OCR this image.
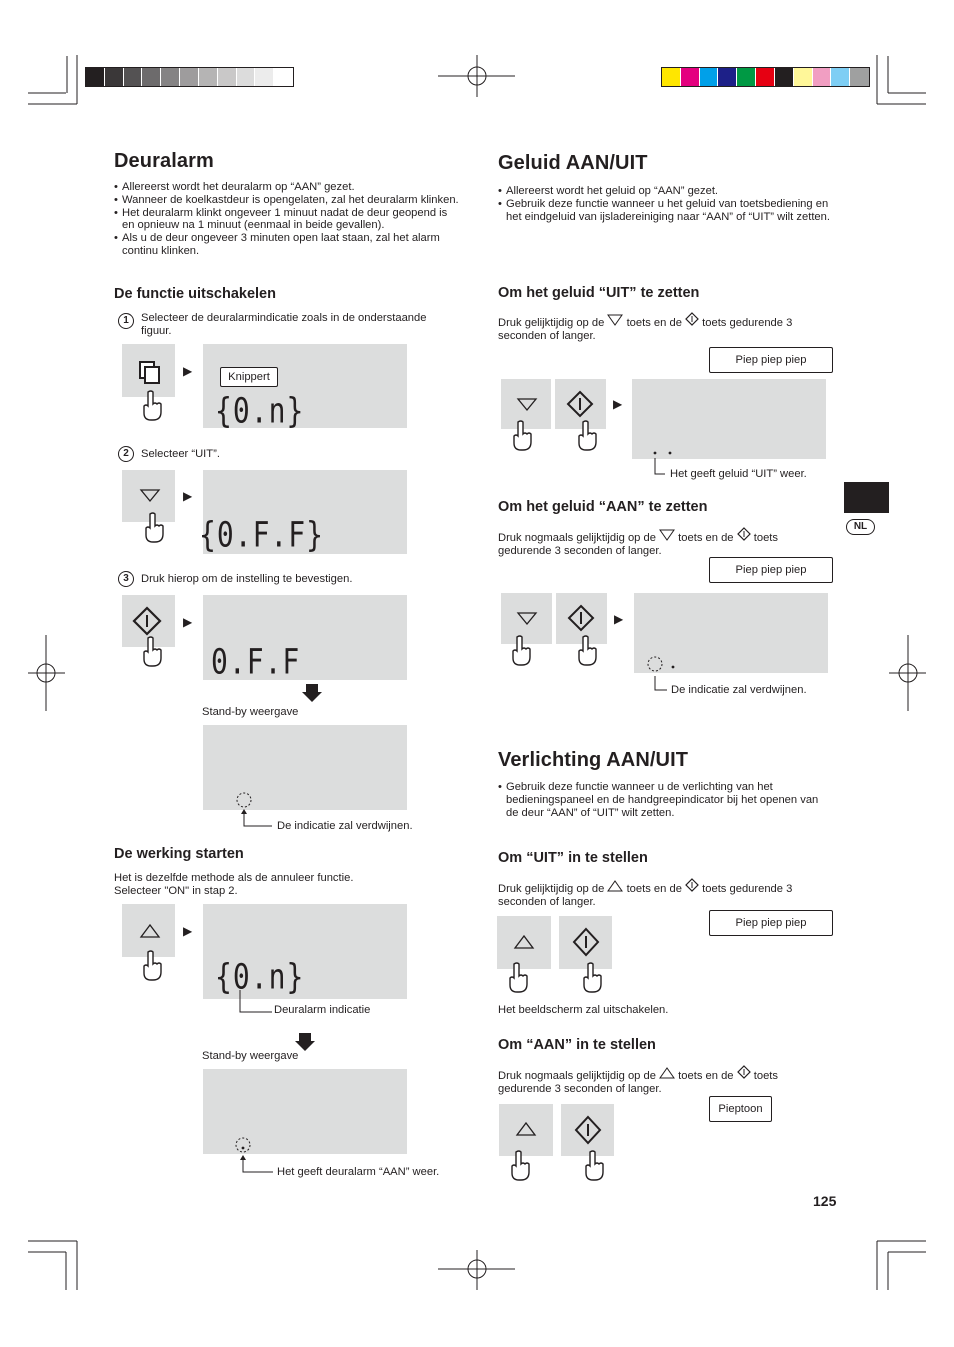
Deuralarm
• Allereerst wordt het deuralarm op “AAN” gezet.
• Wanneer de koelkastdeur is opengelaten, zal het deuralarm klinken.
• Het deuralarm klinkt ongeveer 1 minuut nadat de deur geopend is en opnieuw na 1 minuut (eenmaal in beide gevallen).
• Als u de deur ongeveer 3 minuten open laat staan, zal het alarm continu klinken.
De functie uitschakelen
1	Selecteer de deuralarmindicatie zoals in de onderstaande figuur.

▶	Knippert
{0.n}
2	Selecteer “UIT”.

▶
{0.F.F}
3	Druk hierop om de instelling te bevestigen.

▶
0.F.F
Stand-by weergave
De indicatie zal verdwijnen.
De werking starten

Het is dezelfde methode als de annuleer functie. Selecteer "ON" in stap 2.

▶
{0.n}
Deuralarm indicatie
Stand-by weergave
Het geeft deuralarm “AAN” weer.
Geluid AAN/UIT
• Allereerst wordt het geluid op “AAN” gezet.
• Gebruik deze functie wanneer u het geluid van toetsbediening en het eindgeluid van ijsladereiniging naar “AAN” of “UIT” wilt zetten.
Om het geluid “UIT” te zetten

Druk gelijktijdig op de toets en de toets gedurende 3 seconden of langer.

Piep piep piep
▶
Het geeft geluid “UIT” weer.
Om het geluid “AAN” te zetten

Druk nogmaals gelijktijdig op de toets en de toets gedurende 3 seconden of langer.

Piep piep piep
▶
De indicatie zal verdwijnen.
Verlichting AAN/UIT
• Gebruik deze functie wanneer u de verlichting van het bedieningspaneel en de handgreepindicator bij het openen van de deur “AAN” of “UIT” wilt zetten.
Om “UIT” in te stellen

Druk gelijktijdig op de toets en de toets gedurende 3 seconden of langer.

Piep piep piep
Het beeldscherm zal uitschakelen.
Om “AAN” in te stellen

Druk nogmaals gelijktijdig op de toets en de toets gedurende 3 seconden of langer.

Pieptoon
NL
125
